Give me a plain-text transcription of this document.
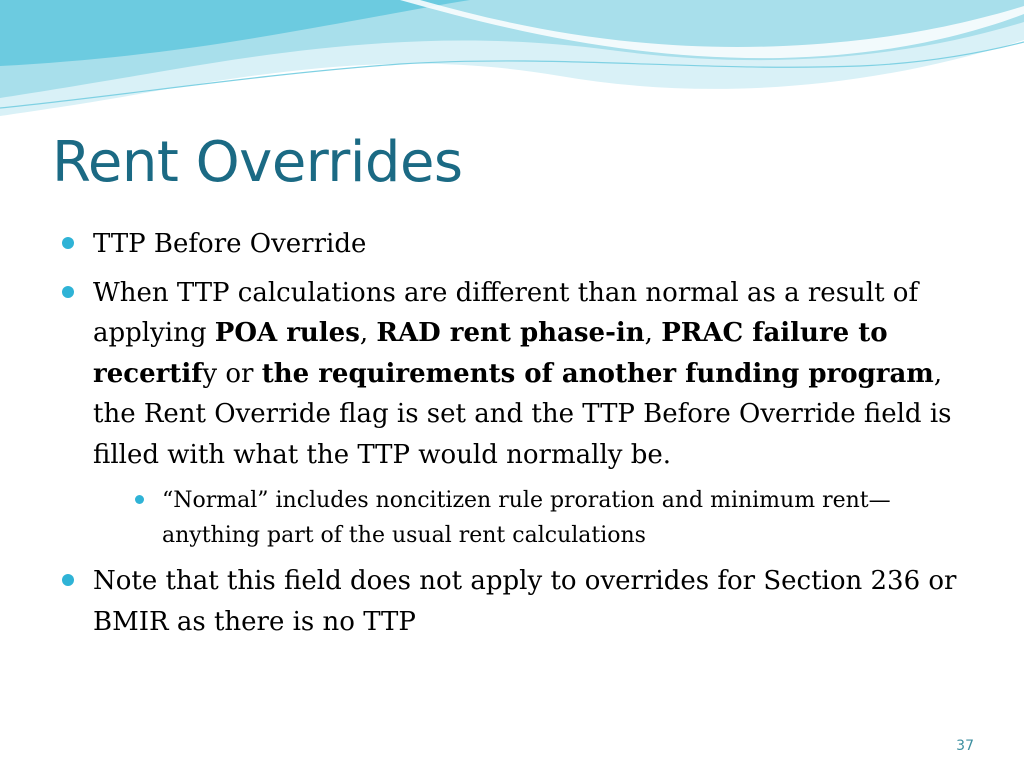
Rent Overrides
TTP Before Override
When TTP calculations are different than normal as a result of applying POA rules, RAD rent phase-in, PRAC failure to recertify or the requirements of another funding program, the Rent Override flag is set and the TTP Before Override field is filled with what the TTP would normally be.
“Normal” includes noncitizen rule proration and minimum rent—anything part of the usual rent calculations
Note that this field does not apply to overrides for Section 236 or BMIR as there is no TTP
37
